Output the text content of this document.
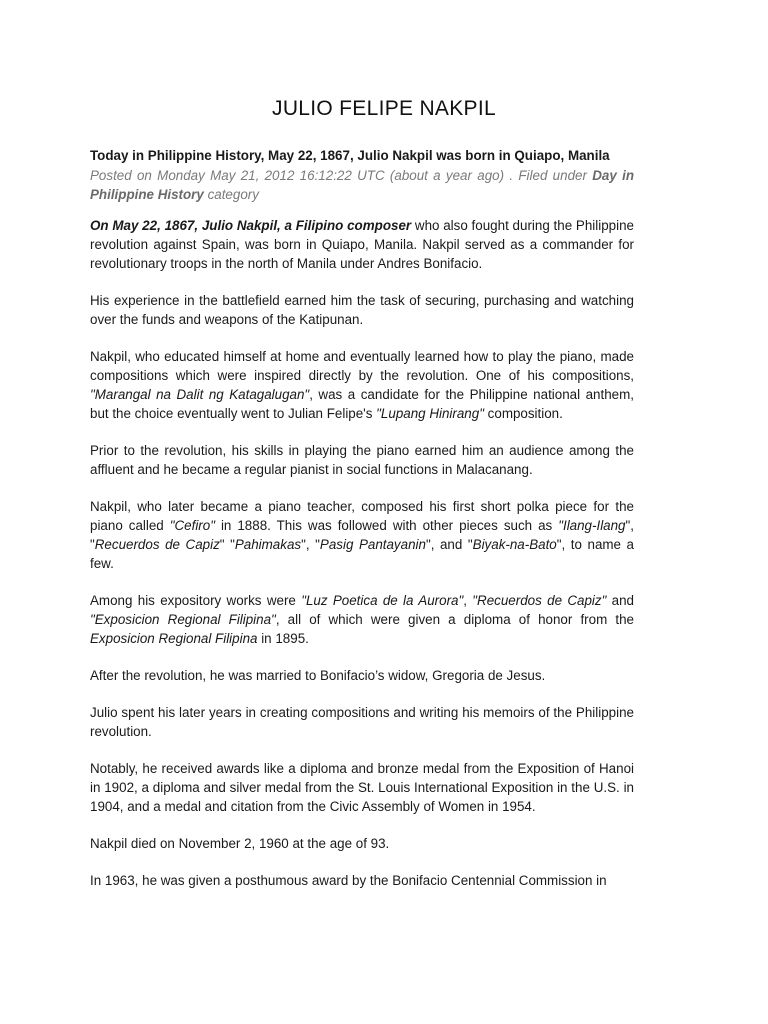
JULIO FELIPE NAKPIL
Today in Philippine History, May 22, 1867, Julio Nakpil was born in Quiapo, Manila
Posted on Monday May 21, 2012 16:12:22 UTC (about a year ago) . Filed under Day in Philippine History category

On May 22, 1867, Julio Nakpil, a Filipino composer who also fought during the Philippine revolution against Spain, was born in Quiapo, Manila. Nakpil served as a commander for revolutionary troops in the north of Manila under Andres Bonifacio.

His experience in the battlefield earned him the task of securing, purchasing and watching over the funds and weapons of the Katipunan.

Nakpil, who educated himself at home and eventually learned how to play the piano, made compositions which were inspired directly by the revolution. One of his compositions, "Marangal na Dalit ng Katagalugan", was a candidate for the Philippine national anthem, but the choice eventually went to Julian Felipe's "Lupang Hinirang" composition.

Prior to the revolution, his skills in playing the piano earned him an audience among the affluent and he became a regular pianist in social functions in Malacanang.

Nakpil, who later became a piano teacher, composed his first short polka piece for the piano called "Cefiro" in 1888. This was followed with other pieces such as "Ilang-Ilang", "Recuerdos de Capiz" "Pahimakas", "Pasig Pantayanin", and "Biyak-na-Bato", to name a few.

Among his expository works were "Luz Poetica de la Aurora", "Recuerdos de Capiz" and "Exposicion Regional Filipina", all of which were given a diploma of honor from the Exposicion Regional Filipina in 1895.

After the revolution, he was married to Bonifacio’s widow, Gregoria de Jesus.

Julio spent his later years in creating compositions and writing his memoirs of the Philippine revolution.

Notably, he received awards like a diploma and bronze medal from the Exposition of Hanoi in 1902, a diploma and silver medal from the St. Louis International Exposition in the U.S. in 1904, and a medal and citation from the Civic Assembly of Women in 1954.

Nakpil died on November 2, 1960 at the age of 93.

In 1963, he was given a posthumous award by the Bonifacio Centennial Commission in
